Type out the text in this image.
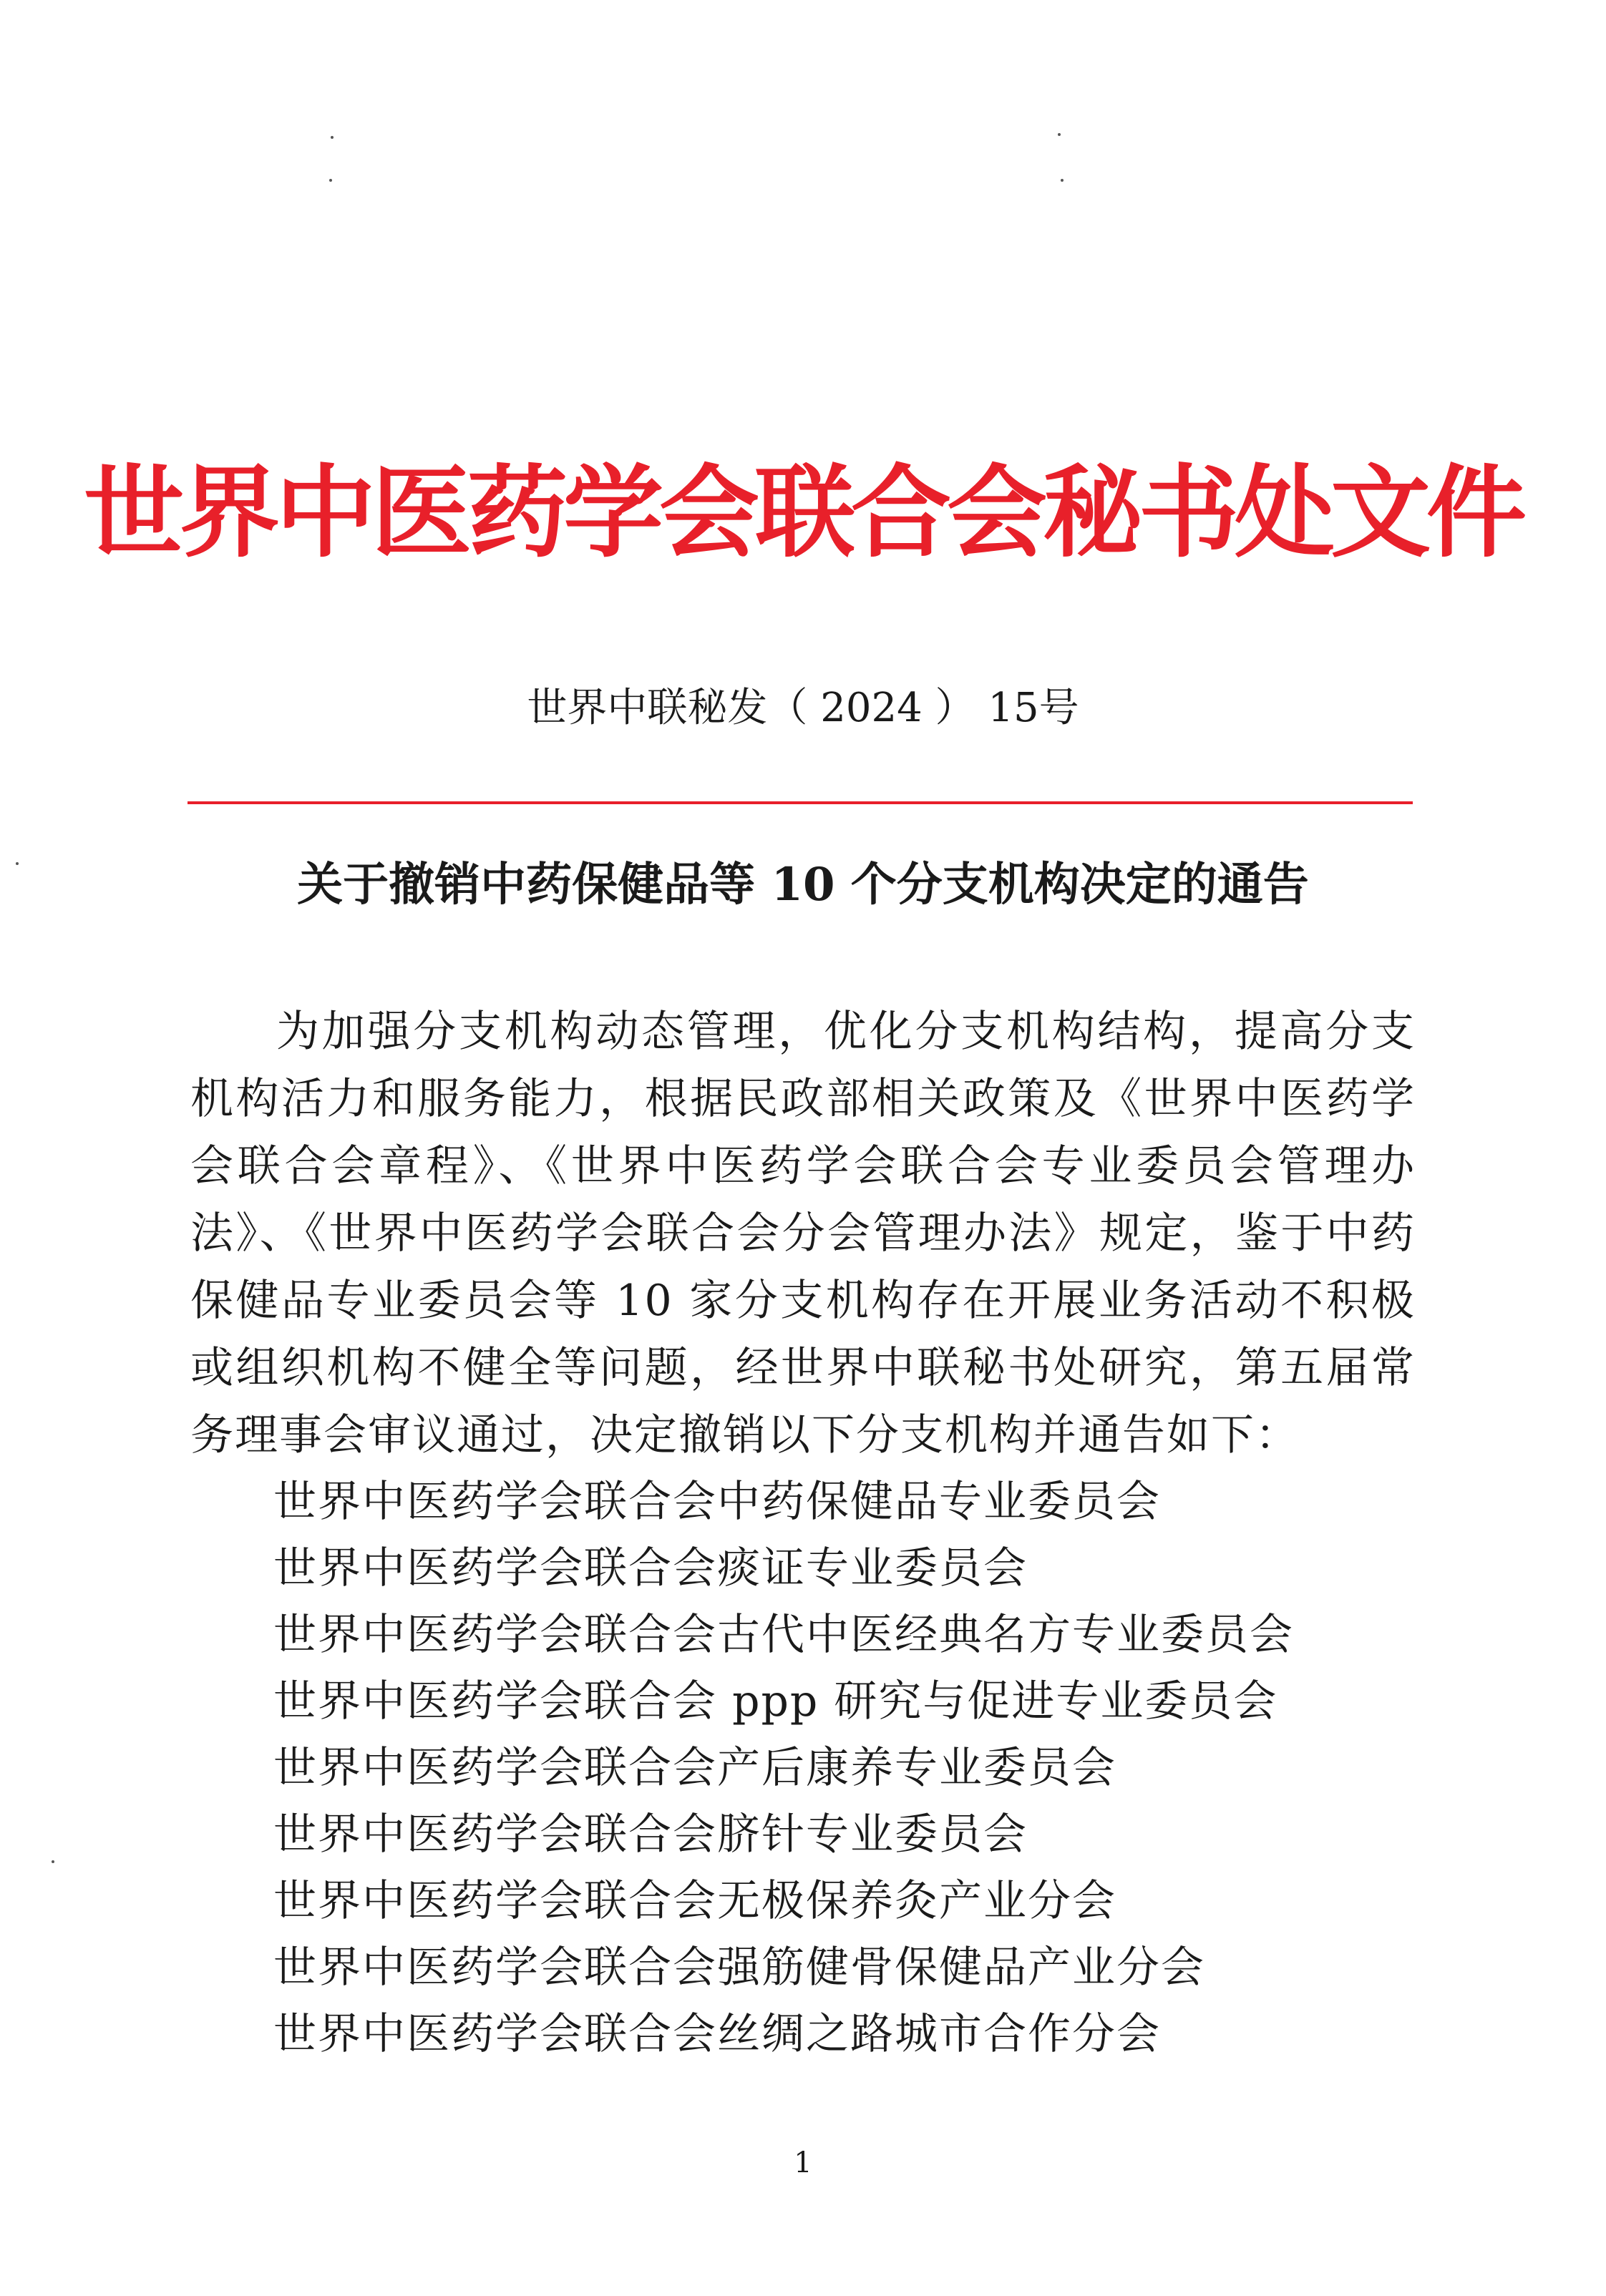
世界中医药学会联合会秘书处文件
世界中联秘发（ 2024 ） 15号
关于撤销中药保健品等 10 个分支机构决定的通告

为加强分支机构动态管理，优化分支机构结构，提高分支机构活力和服务能力，根据民政部相关政策及《世界中医药学会联合会章程》、《世界中医药学会联合会专业委员会管理办法》、《世界中医药学会联合会分会管理办法》规定，鉴于中药保健品专业委员会等 10 家分支机构存在开展业务活动不积极或组织机构不健全等问题，经世界中联秘书处研究，第五届常务理事会审议通过，决定撤销以下分支机构并通告如下：

世界中医药学会联合会中药保健品专业委员会
世界中医药学会联合会痰证专业委员会
世界中医药学会联合会古代中医经典名方专业委员会
世界中医药学会联合会 ppp 研究与促进专业委员会
世界中医药学会联合会产后康养专业委员会
世界中医药学会联合会脐针专业委员会
世界中医药学会联合会无极保养灸产业分会
世界中医药学会联合会强筋健骨保健品产业分会
世界中医药学会联合会丝绸之路城市合作分会
1
